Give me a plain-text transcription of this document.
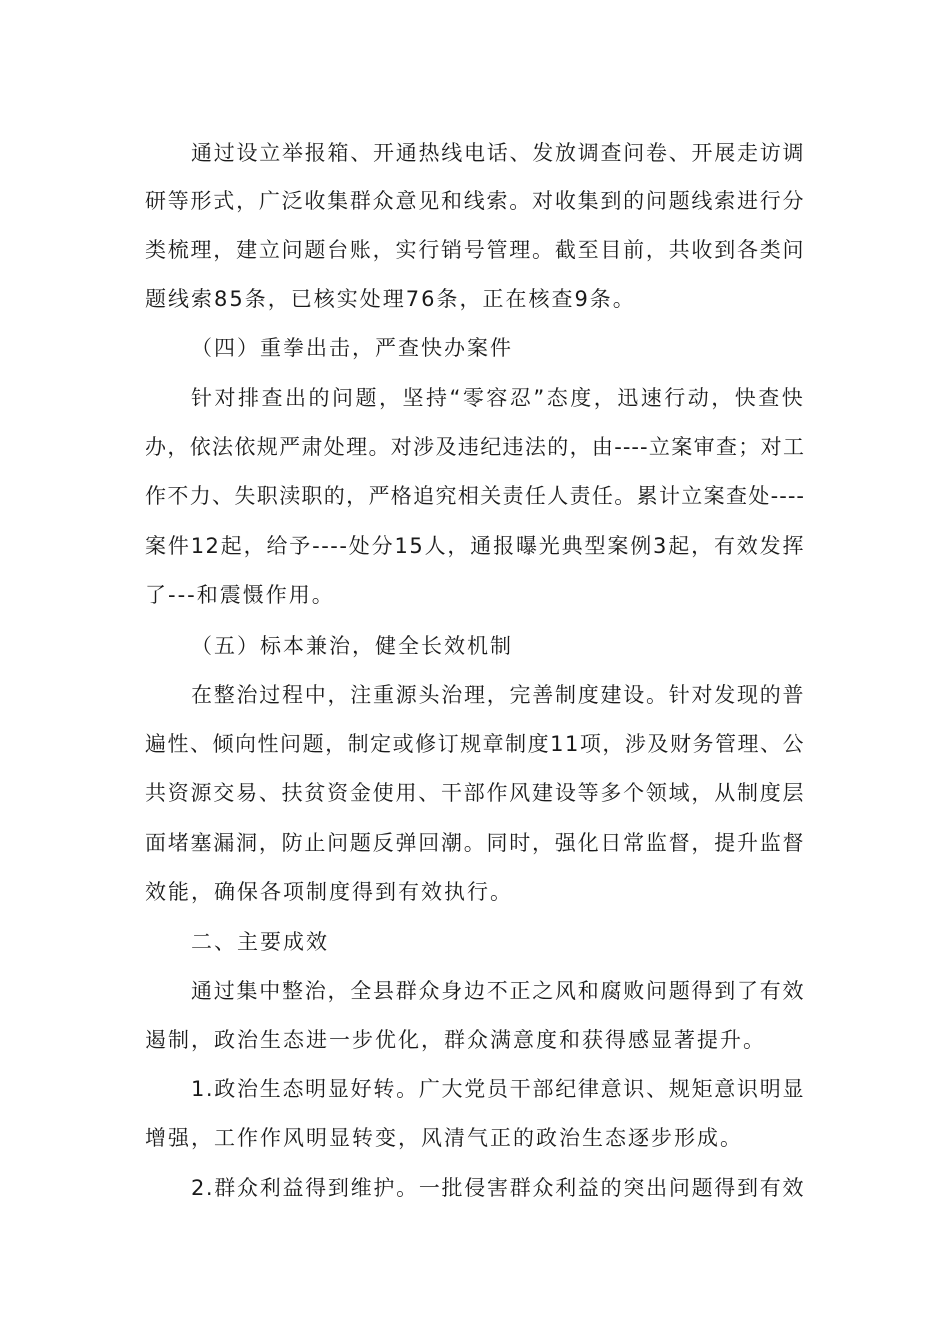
通过设立举报箱、开通热线电话、发放调查问卷、开展走访调
研等形式，广泛收集群众意见和线索。对收集到的问题线索进行分
类梳理，建立问题台账，实行销号管理。截至目前，共收到各类问
题线索85条，已核实处理76条，正在核查9条。
（四）重拳出击，严查快办案件
针对排查出的问题，坚持“零容忍”态度，迅速行动，快查快
办，依法依规严肃处理。对涉及违纪违法的，由----立案审查；对工
作不力、失职渎职的，严格追究相关责任人责任。累计立案查处----
案件12起，给予----处分15人，通报曝光典型案例3起，有效发挥
了---和震慑作用。
（五）标本兼治，健全长效机制
在整治过程中，注重源头治理，完善制度建设。针对发现的普
遍性、倾向性问题，制定或修订规章制度11项，涉及财务管理、公
共资源交易、扶贫资金使用、干部作风建设等多个领域，从制度层
面堵塞漏洞，防止问题反弹回潮。同时，强化日常监督，提升监督
效能，确保各项制度得到有效执行。
二、主要成效
通过集中整治，全县群众身边不正之风和腐败问题得到了有效
遏制，政治生态进一步优化，群众满意度和获得感显著提升。
1.政治生态明显好转。广大党员干部纪律意识、规矩意识明显
增强，工作作风明显转变，风清气正的政治生态逐步形成。
2.群众利益得到维护。一批侵害群众利益的突出问题得到有效
